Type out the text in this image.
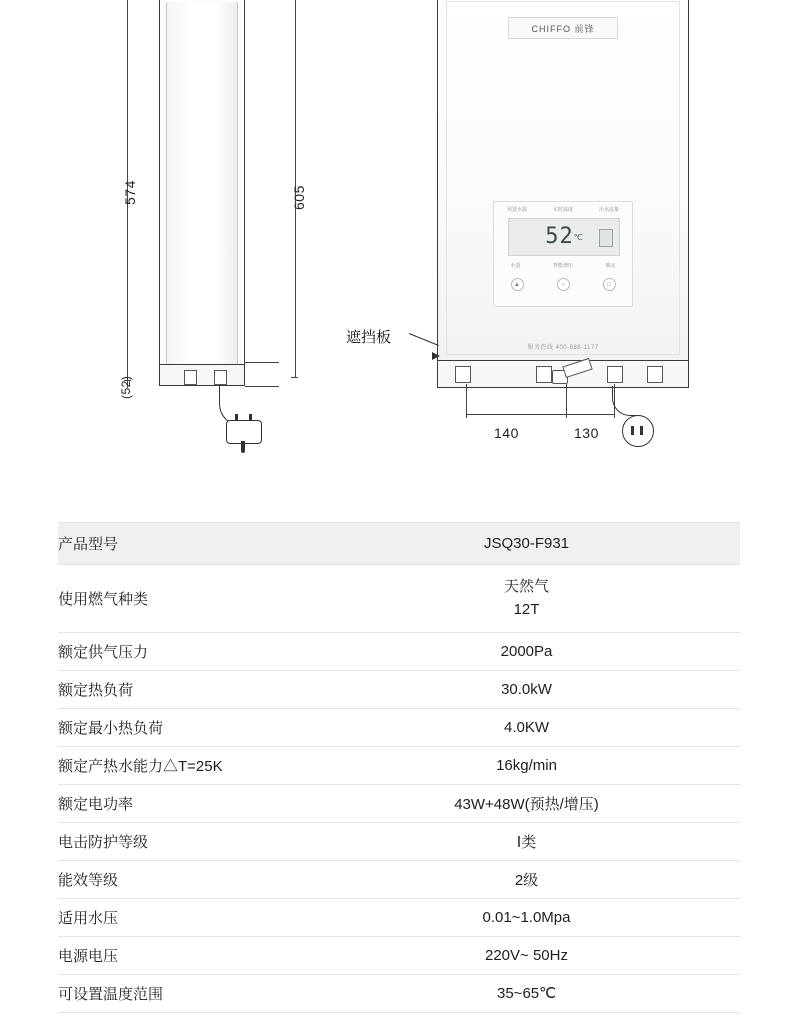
574	605
(52)
CHIFFO 前锋
预置水温	实时温度	出水流量
52 ℃
水量	智能增压	锁定
▲	○	□
服务热线 400-888-1177
140	130
遮挡板
产品型号	JSQ30-F931
使用燃气种类	天然气
12T

额定供气压力	2000Pa
额定热负荷	30.0kW
额定最小热负荷	4.0KW
额定产热水能力△T=25K	16kg/min
额定电功率	43W+48W(预热/增压)
电击防护等级	Ⅰ类
能效等级	2级
适用水压	0.01~1.0Mpa
电源电压	220V~ 50Hz
可设置温度范围	35~65℃
